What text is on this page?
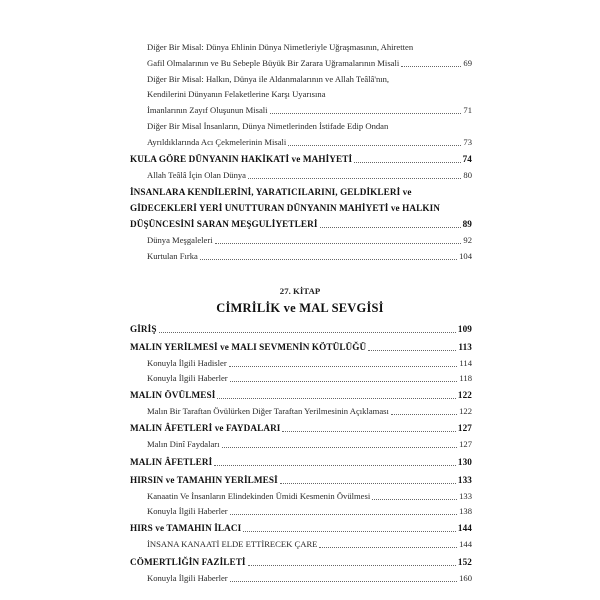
Diğer Bir Misal: Dünya Ehlinin Dünya Nimetleriyle Uğraşmasının, Ahiretten
Gafil Olmalarının ve Bu Sebeple Büyük Bir Zarara Uğramalarının Misali	69
Diğer Bir Misal: Halkın, Dünya ile Aldanmalarının ve Allah Teâlâ'nın,
Kendilerini Dünyanın Felaketlerine Karşı Uyarısına
İmanlarının Zayıf Oluşunun Misali	71
Diğer Bir Misal İnsanların, Dünya Nimetlerinden İstifade Edip Ondan
Ayrıldıklarında Acı Çekmelerinin Misali	73
KULA GÖRE DÜNYANIN HAKİKATİ ve MAHİYETİ	74
Allah Teâlâ İçin Olan Dünya	80
İNSANLARA KENDİLERİNİ, YARATICILARINI, GELDİKLERİ ve
GİDECEKLERİ YERİ UNUTTURAN DÜNYANIN MAHİYETİ ve HALKIN
DÜŞÜNCESİNİ SARAN MEŞGULİYETLERİ	89
Dünya Meşgaleleri	92
Kurtulan Fırka	104
27. KİTAP
CİMRİLİK ve MAL SEVGİSİ
GİRİŞ	109
MALIN YERİLMESİ ve MALI SEVMENİN KÖTÜLÜĞÜ	113
Konuyla İlgili Hadisler	114
Konuyla İlgili Haberler	118
MALIN ÖVÜLMESİ	122
Malın Bir Taraftan Övülürken Diğer Taraftan Yerilmesinin Açıklaması	122
MALIN ÂFETLERİ ve FAYDALARI	127
Malın Dinî Faydaları	127
MALIN ÂFETLERİ	130
HIRSIN ve TAMAHIN YERİLMESİ	133
Kanaatin Ve İnsanların Elindekinden Ümidi Kesmenin Övülmesi	133
Konuyla İlgili Haberler	138
HIRS ve TAMAHIN İLACI	144
İNSANA KANAATİ ELDE ETTİRECEK ÇARE	144
CÖMERTLİĞİN FAZİLETİ	152
Konuyla İlgili Haberler	160
